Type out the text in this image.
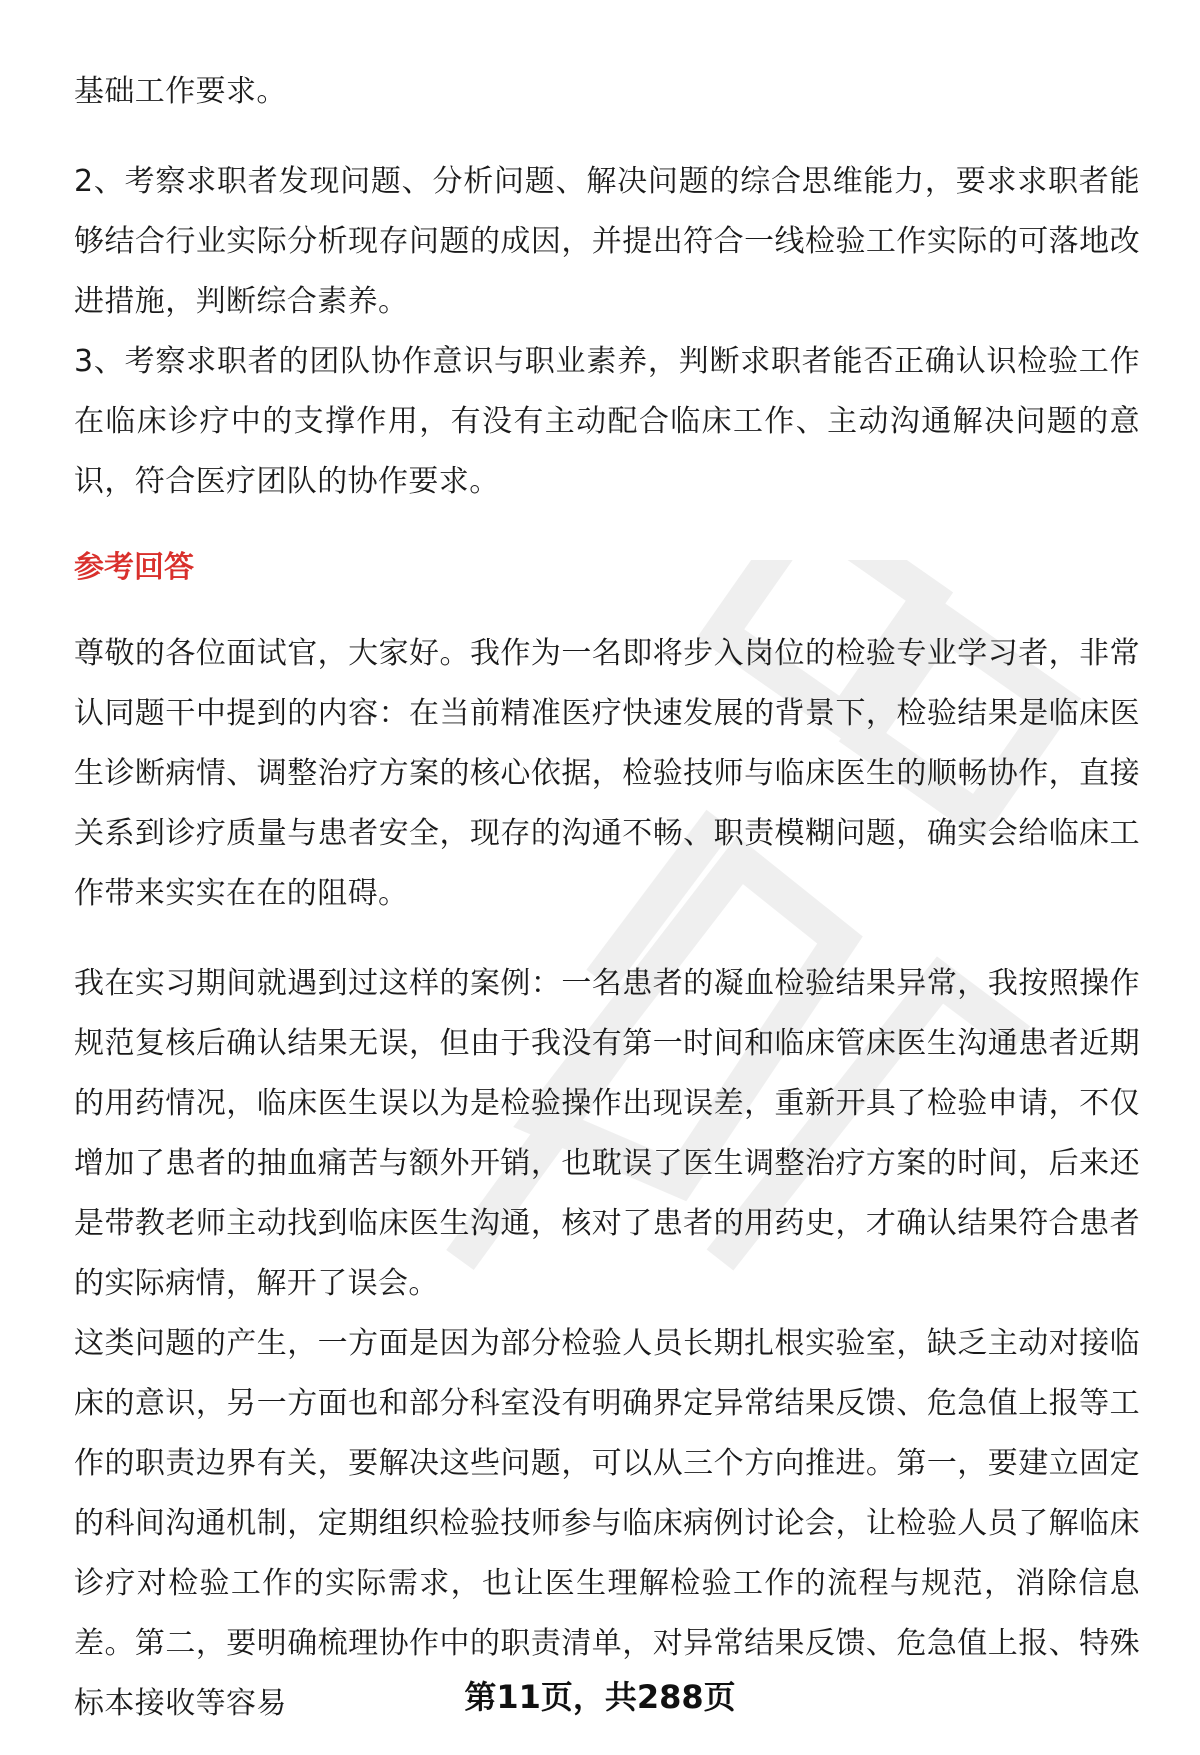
基础工作要求。

2、考察求职者发现问题、分析问题、解决问题的综合思维能力，要求求职者能够结合行业实际分析现存问题的成因，并提出符合一线检验工作实际的可落地改进措施，判断综合素养。

3、考察求职者的团队协作意识与职业素养，判断求职者能否正确认识检验工作在临床诊疗中的支撑作用，有没有主动配合临床工作、主动沟通解决问题的意识，符合医疗团队的协作要求。

参考回答

尊敬的各位面试官，大家好。我作为一名即将步入岗位的检验专业学习者，非常认同题干中提到的内容：在当前精准医疗快速发展的背景下，检验结果是临床医生诊断病情、调整治疗方案的核心依据，检验技师与临床医生的顺畅协作，直接关系到诊疗质量与患者安全，现存的沟通不畅、职责模糊问题，确实会给临床工作带来实实在在的阻碍。

我在实习期间就遇到过这样的案例：一名患者的凝血检验结果异常，我按照操作规范复核后确认结果无误，但由于我没有第一时间和临床管床医生沟通患者近期的用药情况，临床医生误以为是检验操作出现误差，重新开具了检验申请，不仅增加了患者的抽血痛苦与额外开销，也耽误了医生调整治疗方案的时间，后来还是带教老师主动找到临床医生沟通，核对了患者的用药史，才确认结果符合患者的实际病情，解开了误会。

这类问题的产生，一方面是因为部分检验人员长期扎根实验室，缺乏主动对接临床的意识，另一方面也和部分科室没有明确界定异常结果反馈、危急值上报等工作的职责边界有关，要解决这些问题，可以从三个方向推进。第一，要建立固定的科间沟通机制，定期组织检验技师参与临床病例讨论会，让检验人员了解临床诊疗对检验工作的实际需求，也让医生理解检验工作的流程与规范，消除信息差。第二，要明确梳理协作中的职责清单，对异常结果反馈、危急值上报、特殊标本接收等容易	第11页，共288页
